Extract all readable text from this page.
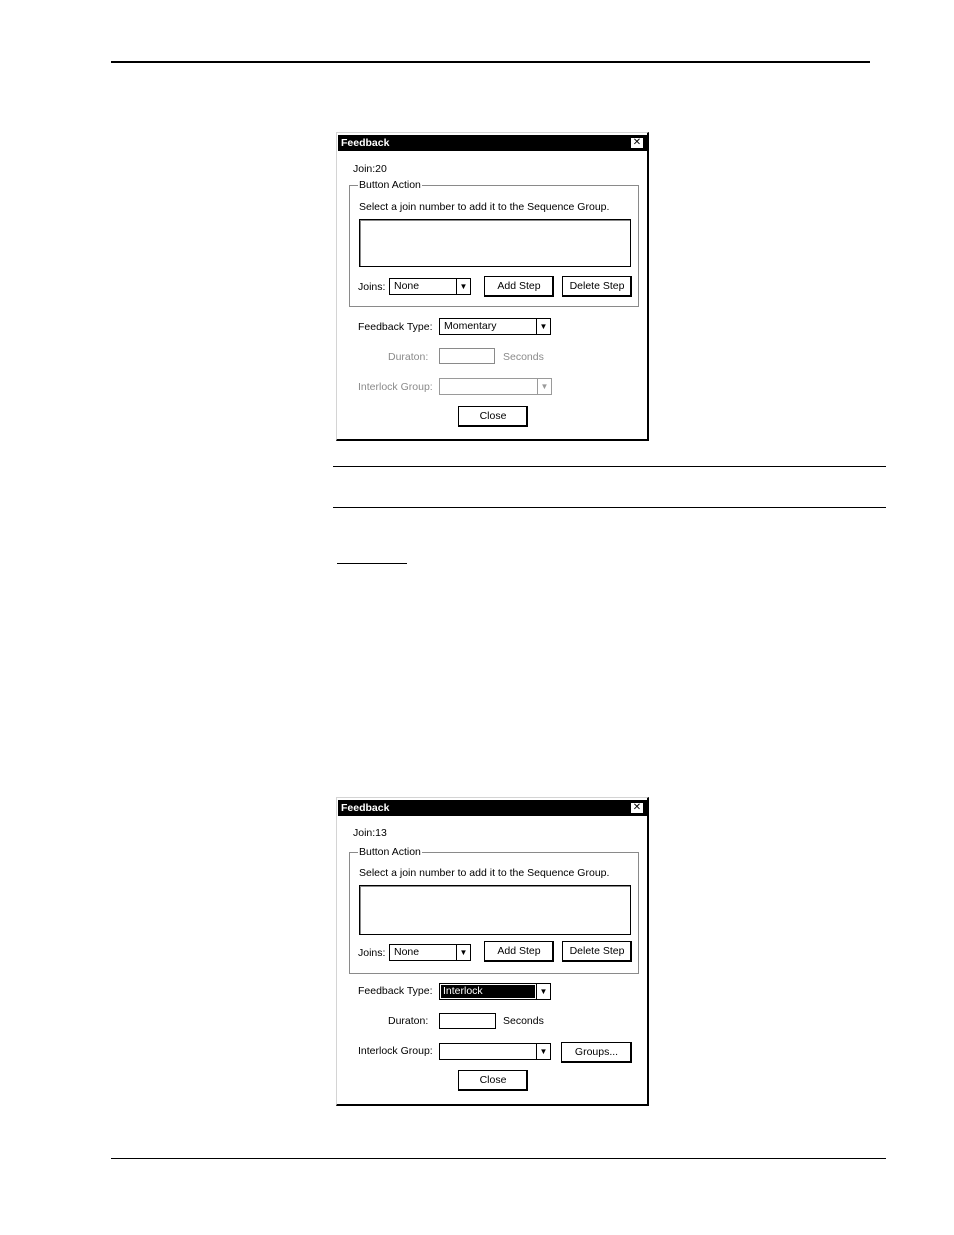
Feedback	✕
Join:20
Button Action
Select a join number to add it to the Sequence Group.
Joins: None	▼	Add Step	Delete Step
Feedback Type: Momentary	▼
Duraton:	Seconds
Interlock Group:	▼
Close
Feedback	✕
Join:13
Button Action
Select a join number to add it to the Sequence Group.
Joins: None	▼	Add Step	Delete Step
Feedback Type: Interlock	▼
Duraton:	Seconds
Interlock Group:	▼	Groups...
Close
